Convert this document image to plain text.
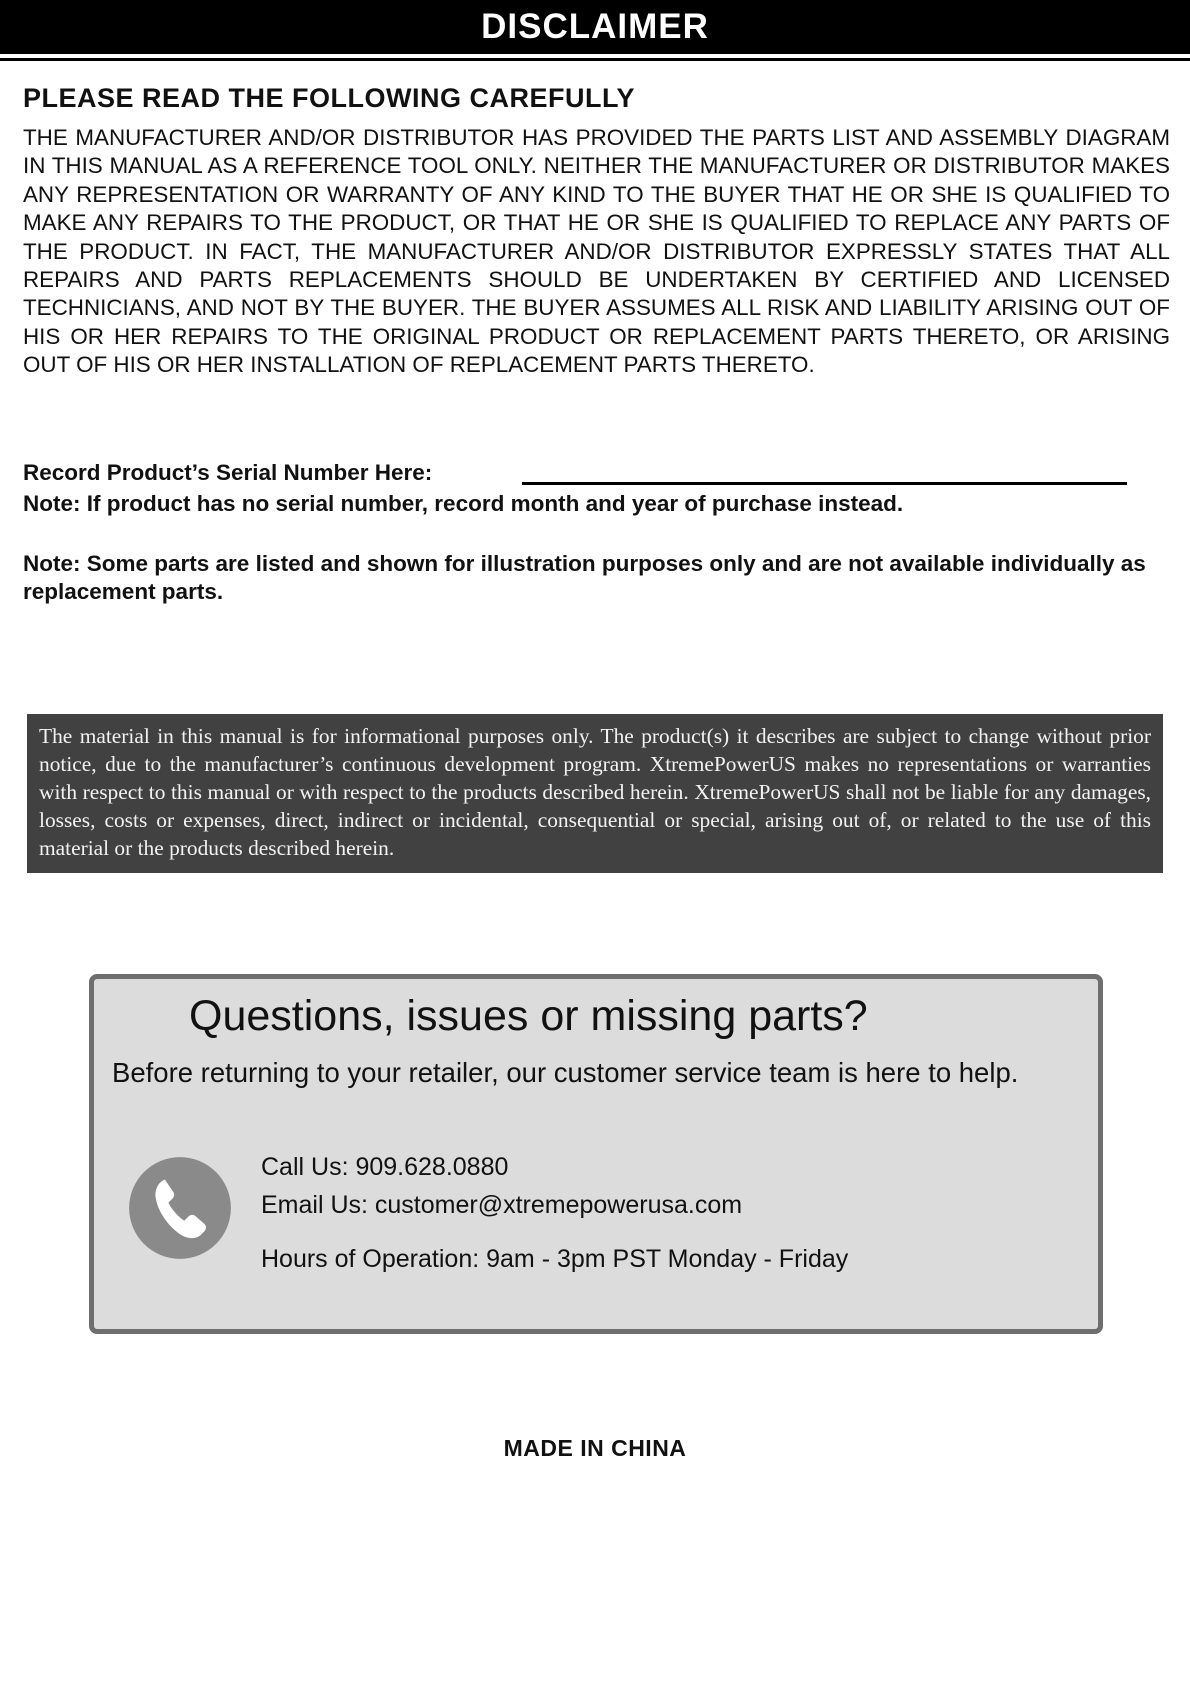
DISCLAIMER
PLEASE READ THE FOLLOWING CAREFULLY
THE MANUFACTURER AND/OR DISTRIBUTOR HAS PROVIDED THE PARTS LIST AND ASSEMBLY DIAGRAM IN THIS MANUAL AS A REFERENCE TOOL ONLY. NEITHER THE MANUFACTURER OR DISTRIBUTOR MAKES ANY REPRESENTATION OR WARRANTY OF ANY KIND TO THE BUYER THAT HE OR SHE IS QUALIFIED TO MAKE ANY REPAIRS TO THE PRODUCT, OR THAT HE OR SHE IS QUALIFIED TO REPLACE ANY PARTS OF THE PRODUCT. IN FACT, THE MANUFACTURER AND/OR DISTRIBUTOR EXPRESSLY STATES THAT ALL REPAIRS AND PARTS REPLACEMENTS SHOULD BE UNDERTAKEN BY CERTIFIED AND LICENSED TECHNICIANS, AND NOT BY THE BUYER. THE BUYER ASSUMES ALL RISK AND LIABILITY ARISING OUT OF HIS OR HER REPAIRS TO THE ORIGINAL PRODUCT OR REPLACEMENT PARTS THERETO, OR ARISING OUT OF HIS OR HER INSTALLATION OF REPLACEMENT PARTS THERETO.
Record Product’s Serial Number Here:
Note: If product has no serial number, record month and year of purchase instead.
Note: Some parts are listed and shown for illustration purposes only and are not available individually as replacement parts.
The material in this manual is for informational purposes only. The product(s) it describes are subject to change without prior notice, due to the manufacturer’s continuous development program. XtremePowerUS makes no representations or warranties with respect to this manual or with respect to the products described herein. XtremePowerUS shall not be liable for any damages, losses, costs or expenses, direct, indirect or incidental, consequential or special, arising out of, or related to the use of this material or the products described herein.
Questions, issues or missing parts?
Before returning to your retailer, our customer service team is here to help.
Call Us: 909.628.0880
Email Us: customer@xtremepowerusa.com
Hours of Operation: 9am - 3pm PST Monday - Friday
MADE IN CHINA
